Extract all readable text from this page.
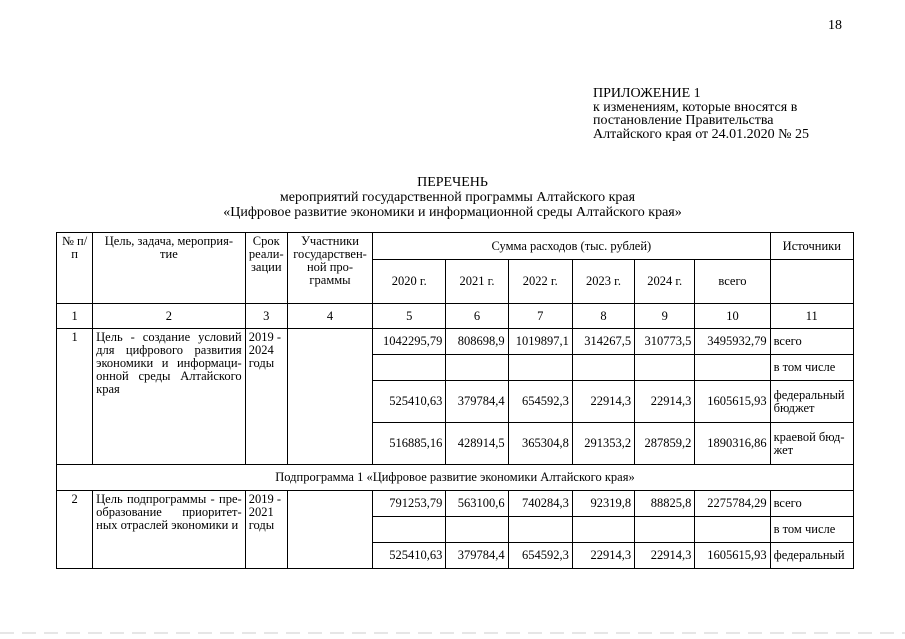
18
ПРИЛОЖЕНИЕ 1
к изменениям, которые вносятся в
постановление Правительства
Алтайского края от 24.01.2020 № 25
ПЕРЕЧЕНЬ
мероприятий государственной программы Алтайского края
«Цифровое развитие экономики и информационной среды Алтайского края»
№ п/п	Цель, задача, мероприя- тие	Срок реали- зации	Участники государствен- ной про- граммы	Сумма расходов (тыс. рублей)						Источники
				2020 г.	2021 г.	2022 г.	2023 г.	2024 г.	всего	
1	2	3	4	5	6	7	8	9	10	11
1	Цель - создание условий для цифрового развития экономики и информаци- онной среды Алтайского края	2019 - 2024 годы		1042295,79	808698,9	1019897,1	314267,5	310773,5	3495932,79	всего
										в том числе
				525410,63	379784,4	654592,3	22914,3	22914,3	1605615,93	федеральный бюджет
				516885,16	428914,5	365304,8	291353,2	287859,2	1890316,86	краевой бюд- жет
Подпрограмма 1 «Цифровое развитие экономики Алтайского края»										
2	Цель подпрограммы - пре- образование приоритет- ных отраслей экономики и	2019 - 2021 годы		791253,79	563100,6	740284,3	92319,8	88825,8	2275784,29	всего
										в том числе
				525410,63	379784,4	654592,3	22914,3	22914,3	1605615,93	федеральный
